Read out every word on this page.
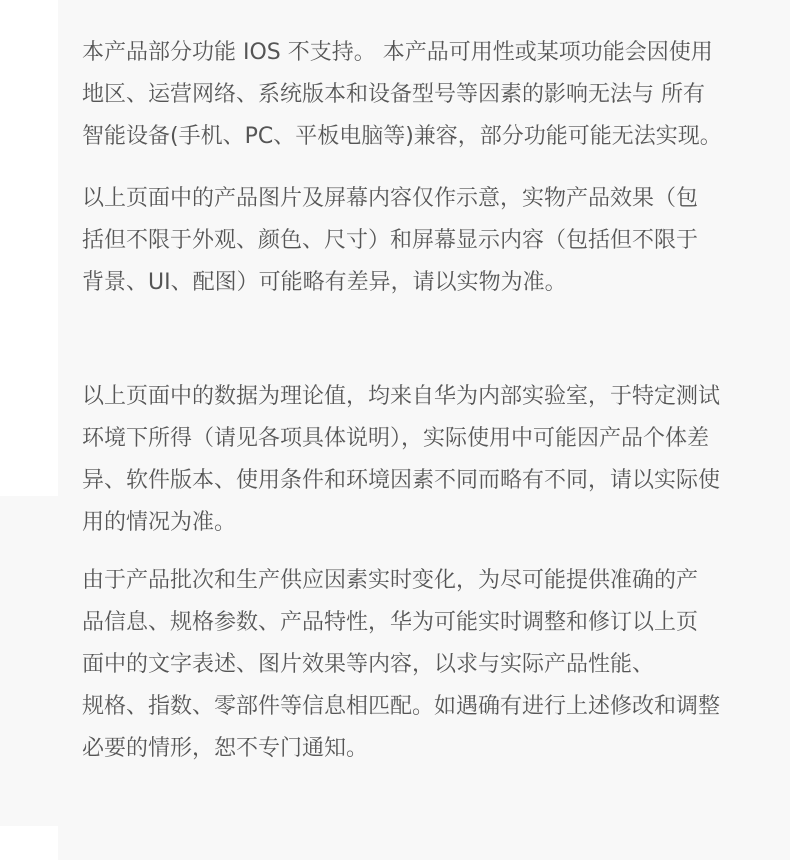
本产品部分功能 IOS 不支持。 本产品可用性或某项功能会因使用
地区、运营网络、系统版本和设备型号等因素的影响无法与 所有
智能设备(手机、PC、平板电脑等)兼容，部分功能可能无法实现。
以上页面中的产品图片及屏幕内容仅作示意，实物产品效果（包
括但不限于外观、颜色、尺寸）和屏幕显示内容（包括但不限于
背景、UI、配图）可能略有差异，请以实物为准。
以上页面中的数据为理论值，均来自华为内部实验室，于特定测试
环境下所得（请见各项具体说明），实际使用中可能因产品个体差
异、软件版本、使用条件和环境因素不同而略有不同，请以实际使
用的情况为准。
由于产品批次和生产供应因素实时变化，为尽可能提供准确的产
品信息、规格参数、产品特性，华为可能实时调整和修订以上页
面中的文字表述、图片效果等内容，以求与实际产品性能、
规格、指数、零部件等信息相匹配。如遇确有进行上述修改和调整
必要的情形，恕不专门通知。
